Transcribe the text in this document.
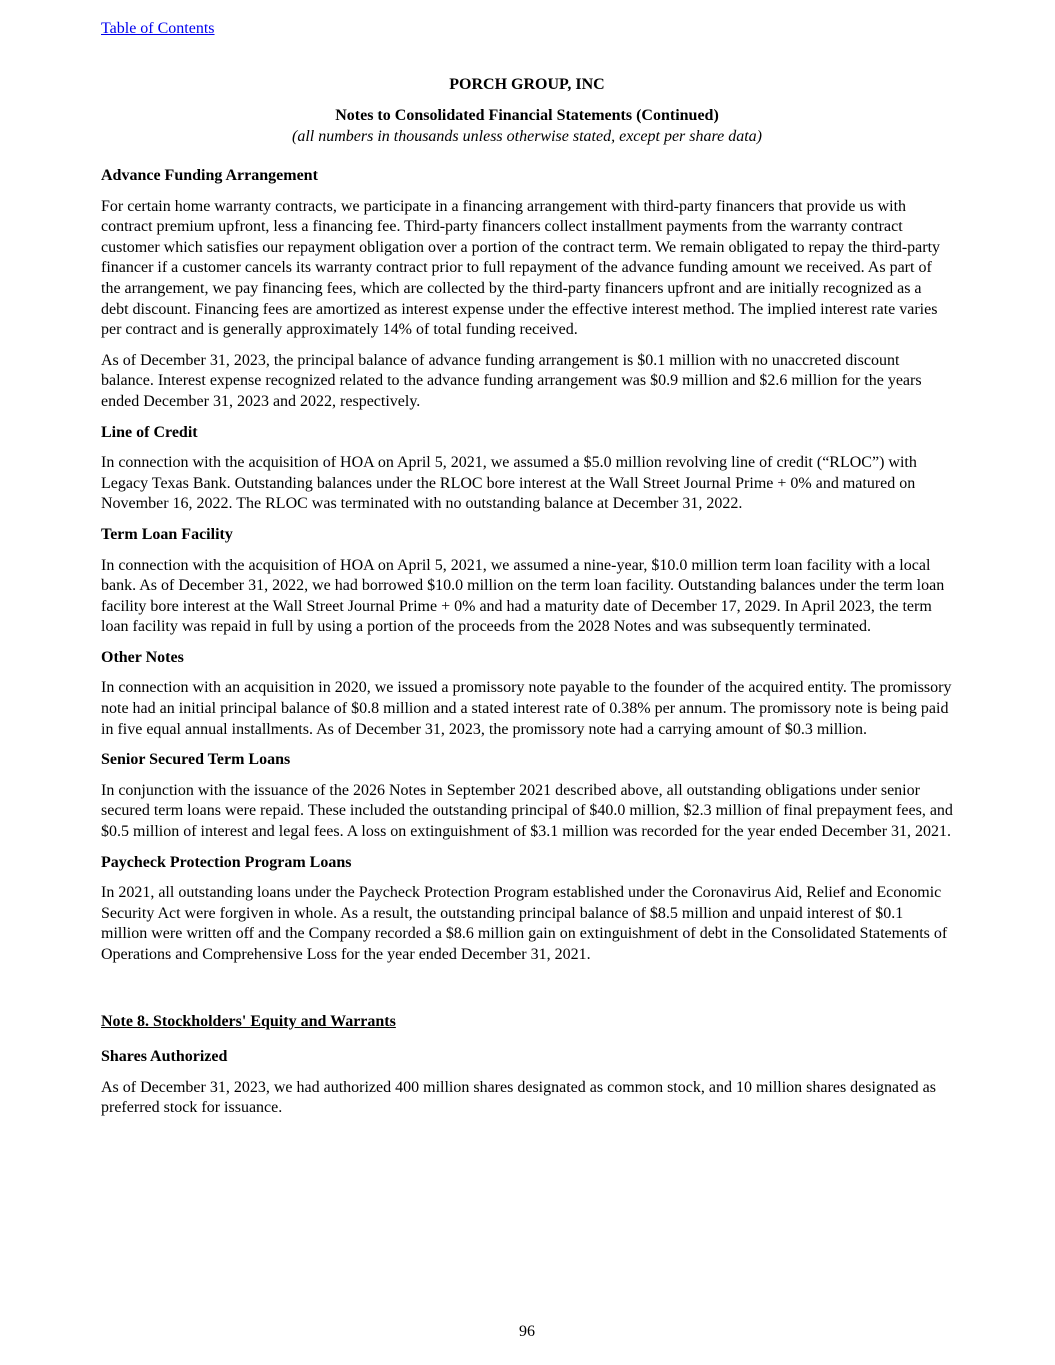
Table of Contents
PORCH GROUP, INC
Notes to Consolidated Financial Statements (Continued)
(all numbers in thousands unless otherwise stated, except per share data)
Advance Funding Arrangement

For certain home warranty contracts, we participate in a financing arrangement with third-party financers that provide us with contract premium upfront, less a financing fee. Third-party financers collect installment payments from the warranty contract customer which satisfies our repayment obligation over a portion of the contract term. We remain obligated to repay the third-party financer if a customer cancels its warranty contract prior to full repayment of the advance funding amount we received. As part of the arrangement, we pay financing fees, which are collected by the third-party financers upfront and are initially recognized as a debt discount. Financing fees are amortized as interest expense under the effective interest method. The implied interest rate varies per contract and is generally approximately 14% of total funding received.

As of December 31, 2023, the principal balance of advance funding arrangement is $0.1 million with no unaccreted discount balance. Interest expense recognized related to the advance funding arrangement was $0.9 million and $2.6 million for the years ended December 31, 2023 and 2022, respectively.

Line of Credit

In connection with the acquisition of HOA on April 5, 2021, we assumed a $5.0 million revolving line of credit (“RLOC”) with Legacy Texas Bank. Outstanding balances under the RLOC bore interest at the Wall Street Journal Prime + 0% and matured on November 16, 2022. The RLOC was terminated with no outstanding balance at December 31, 2022.

Term Loan Facility

In connection with the acquisition of HOA on April 5, 2021, we assumed a nine-year, $10.0 million term loan facility with a local bank. As of December 31, 2022, we had borrowed $10.0 million on the term loan facility. Outstanding balances under the term loan facility bore interest at the Wall Street Journal Prime + 0% and had a maturity date of December 17, 2029. In April 2023, the term loan facility was repaid in full by using a portion of the proceeds from the 2028 Notes and was subsequently terminated.

Other Notes

In connection with an acquisition in 2020, we issued a promissory note payable to the founder of the acquired entity. The promissory note had an initial principal balance of $0.8 million and a stated interest rate of 0.38% per annum. The promissory note is being paid in five equal annual installments. As of December 31, 2023, the promissory note had a carrying amount of $0.3 million.

Senior Secured Term Loans

In conjunction with the issuance of the 2026 Notes in September 2021 described above, all outstanding obligations under senior secured term loans were repaid. These included the outstanding principal of $40.0 million, $2.3 million of final prepayment fees, and $0.5 million of interest and legal fees. A loss on extinguishment of $3.1 million was recorded for the year ended December 31, 2021.

Paycheck Protection Program Loans

In 2021, all outstanding loans under the Paycheck Protection Program established under the Coronavirus Aid, Relief and Economic Security Act were forgiven in whole. As a result, the outstanding principal balance of $8.5 million and unpaid interest of $0.1 million were written off and the Company recorded a $8.6 million gain on extinguishment of debt in the Consolidated Statements of Operations and Comprehensive Loss for the year ended December 31, 2021.

Note 8. Stockholders' Equity and Warrants
Shares Authorized

As of December 31, 2023, we had authorized 400 million shares designated as common stock, and 10 million shares designated as preferred stock for issuance.

96
